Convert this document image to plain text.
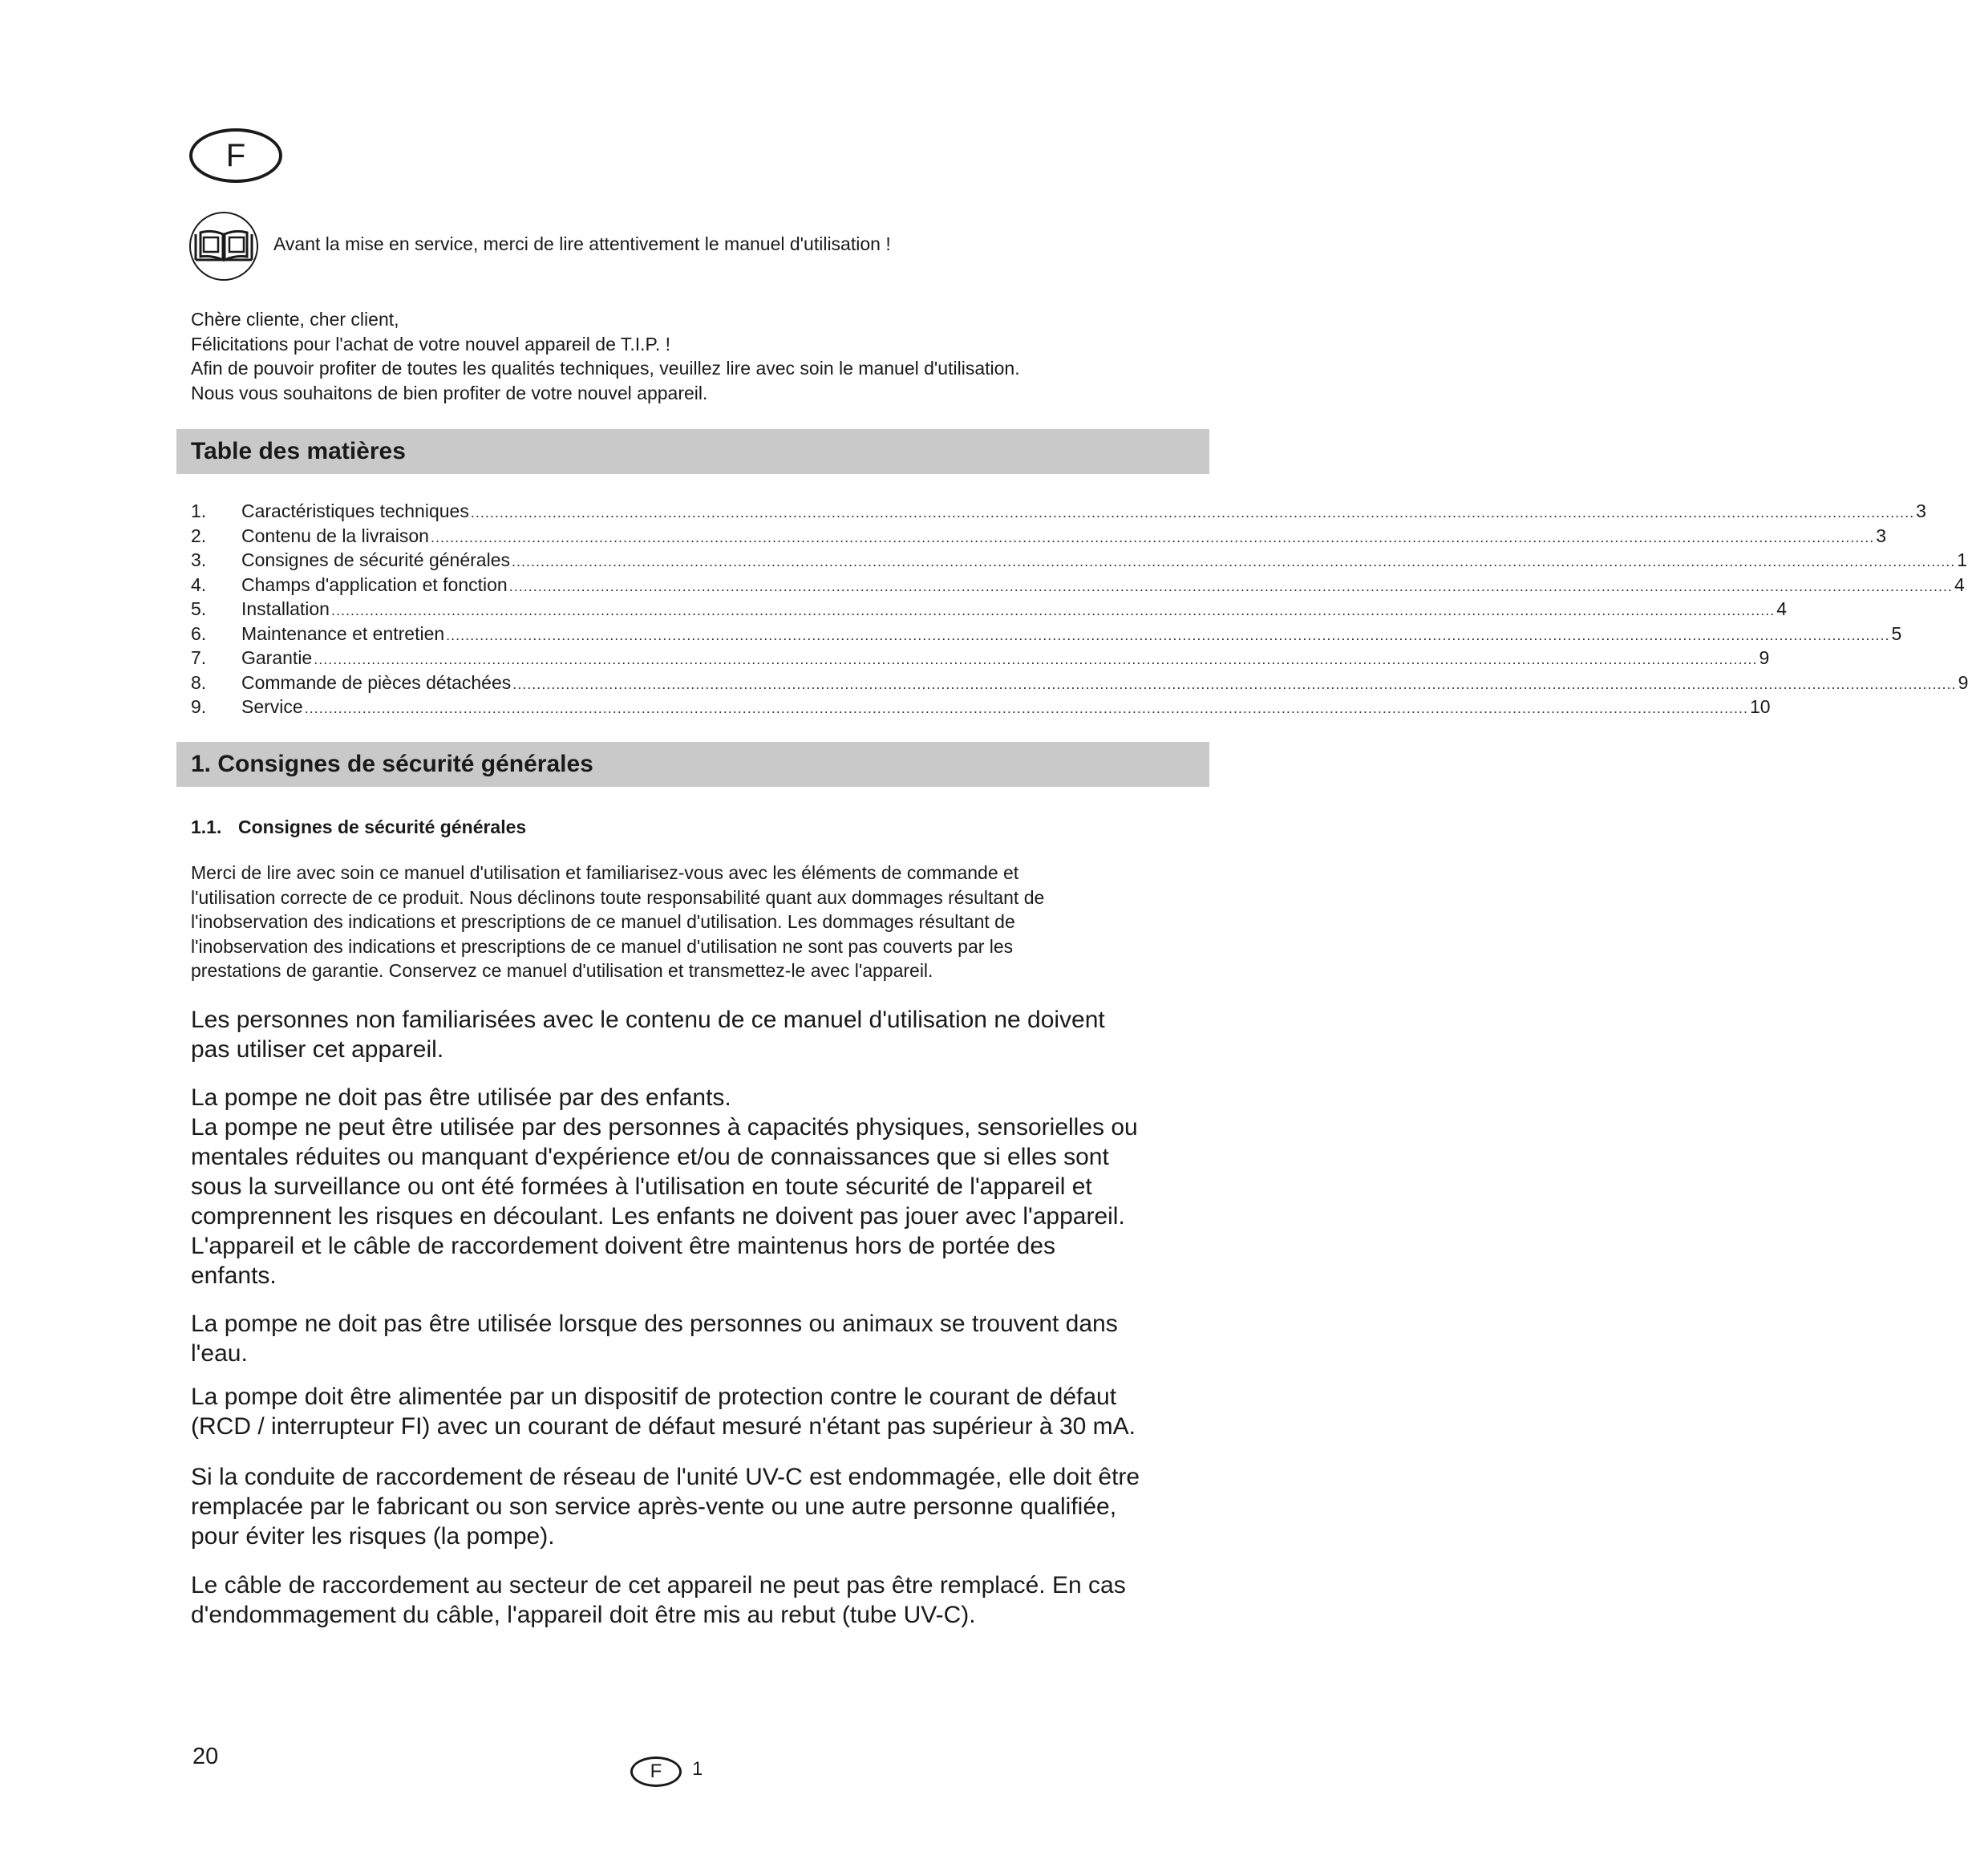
F
Avant la mise en service, merci de lire attentivement le manuel d'utilisation !
Chère cliente, cher client,
Félicitations pour l'achat de votre nouvel appareil de T.I.P. !
Afin de pouvoir profiter de toutes les qualités techniques, veuillez lire avec soin le manuel d'utilisation.
Nous vous souhaitons de bien profiter de votre nouvel appareil.
Table des matières
1.	Caractéristiques techniques ............................................................................................................................................................................................................................................................................................................ 3
2.	Contenu de la livraison ............................................................................................................................................................................................................................................................................................................ 3
3.	Consignes de sécurité générales ............................................................................................................................................................................................................................................................................................................ 1
4.	Champs d'application et fonction ............................................................................................................................................................................................................................................................................................................ 4
5.	Installation ............................................................................................................................................................................................................................................................................................................ 4
6.	Maintenance et entretien ............................................................................................................................................................................................................................................................................................................ 5
7.	Garantie ............................................................................................................................................................................................................................................................................................................ 9
8.	Commande de pièces détachées ............................................................................................................................................................................................................................................................................................................ 9
9.	Service ............................................................................................................................................................................................................................................................................................................ 10
1. Consignes de sécurité générales
1.1. Consignes de sécurité générales
Merci de lire avec soin ce manuel d'utilisation et familiarisez-vous avec les éléments de commande et
l'utilisation correcte de ce produit. Nous déclinons toute responsabilité quant aux dommages résultant de
l'inobservation des indications et prescriptions de ce manuel d'utilisation. Les dommages résultant de
l'inobservation des indications et prescriptions de ce manuel d'utilisation ne sont pas couverts par les
prestations de garantie. Conservez ce manuel d'utilisation et transmettez-le avec l'appareil.
Les personnes non familiarisées avec le contenu de ce manuel d'utilisation ne doivent
pas utiliser cet appareil.
La pompe ne doit pas être utilisée par des enfants.
La pompe ne peut être utilisée par des personnes à capacités physiques, sensorielles ou
mentales réduites ou manquant d'expérience et/ou de connaissances que si elles sont
sous la surveillance ou ont été formées à l'utilisation en toute sécurité de l'appareil et
comprennent les risques en découlant. Les enfants ne doivent pas jouer avec l'appareil.
L'appareil et le câble de raccordement doivent être maintenus hors de portée des
enfants.
La pompe ne doit pas être utilisée lorsque des personnes ou animaux se trouvent dans
l'eau.
La pompe doit être alimentée par un dispositif de protection contre le courant de défaut
(RCD / interrupteur FI) avec un courant de défaut mesuré n'étant pas supérieur à 30 mA.
Si la conduite de raccordement de réseau de l'unité UV-C est endommagée, elle doit être
remplacée par le fabricant ou son service après-vente ou une autre personne qualifiée,
pour éviter les risques (la pompe).
Le câble de raccordement au secteur de cet appareil ne peut pas être remplacé. En cas
d'endommagement du câble, l'appareil doit être mis au rebut (tube UV-C).
20
F 1
